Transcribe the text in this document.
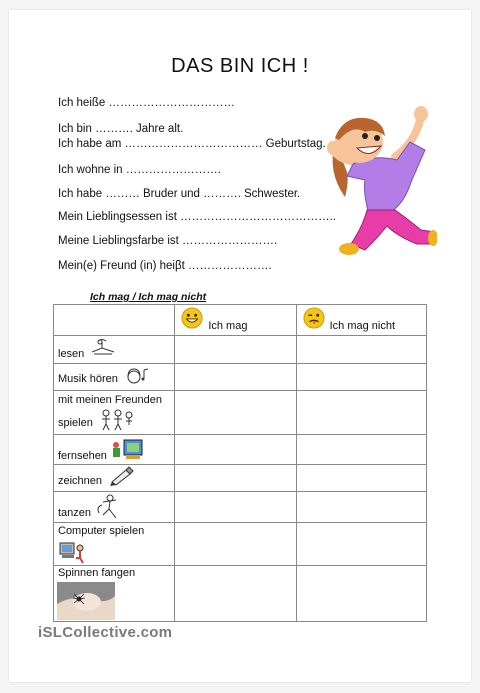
DAS BIN ICH !
Ich heiße ……………………………
Ich bin ………. Jahre alt.
Ich habe am ……………………………… Geburtstag.
Ich wohne in …………………….
Ich habe ……… Bruder und ………. Schwester.
Mein Lieblingsessen ist …………………………………..
Meine Lieblingsfarbe ist …………………….
Mein(e) Freund (in) heiβt ………………….
Ich mag / Ich mag nicht

	Ich mag	Ich mag nicht

lesen		

Musik hören		

mit meinen Freunden
spielen		

fernsehen		

zeichnen		

tanzen		

Computer spielen		

Spinnen fangen		

iSLCollective.com
